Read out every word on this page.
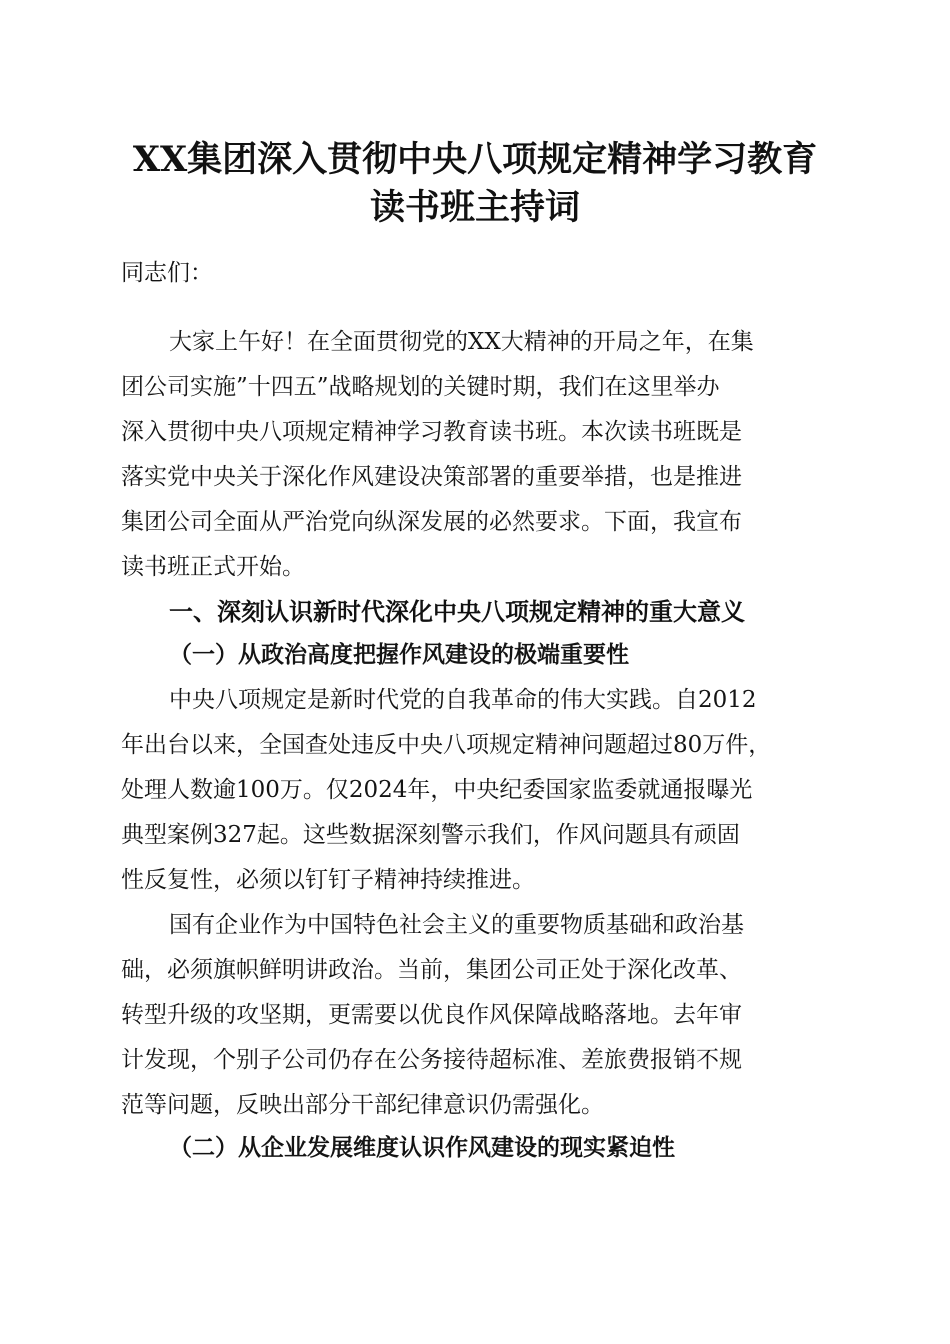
XX集团深入贯彻中央八项规定精神学习教育
读书班主持词
同志们：
大家上午好！在全面贯彻党的XX大精神的开局之年，在集
团公司实施”十四五”战略规划的关键时期，我们在这里举办
深入贯彻中央八项规定精神学习教育读书班。本次读书班既是
落实党中央关于深化作风建设决策部署的重要举措，也是推进
集团公司全面从严治党向纵深发展的必然要求。下面，我宣布
读书班正式开始。
一、深刻认识新时代深化中央八项规定精神的重大意义
（一）从政治高度把握作风建设的极端重要性
中央八项规定是新时代党的自我革命的伟大实践。自2012
年出台以来，全国查处违反中央八项规定精神问题超过80万件，
处理人数逾100万。仅2024年，中央纪委国家监委就通报曝光
典型案例327起。这些数据深刻警示我们，作风问题具有顽固
性反复性，必须以钉钉子精神持续推进。
国有企业作为中国特色社会主义的重要物质基础和政治基
础，必须旗帜鲜明讲政治。当前，集团公司正处于深化改革、
转型升级的攻坚期，更需要以优良作风保障战略落地。去年审
计发现，个别子公司仍存在公务接待超标准、差旅费报销不规
范等问题，反映出部分干部纪律意识仍需强化。
（二）从企业发展维度认识作风建设的现实紧迫性
